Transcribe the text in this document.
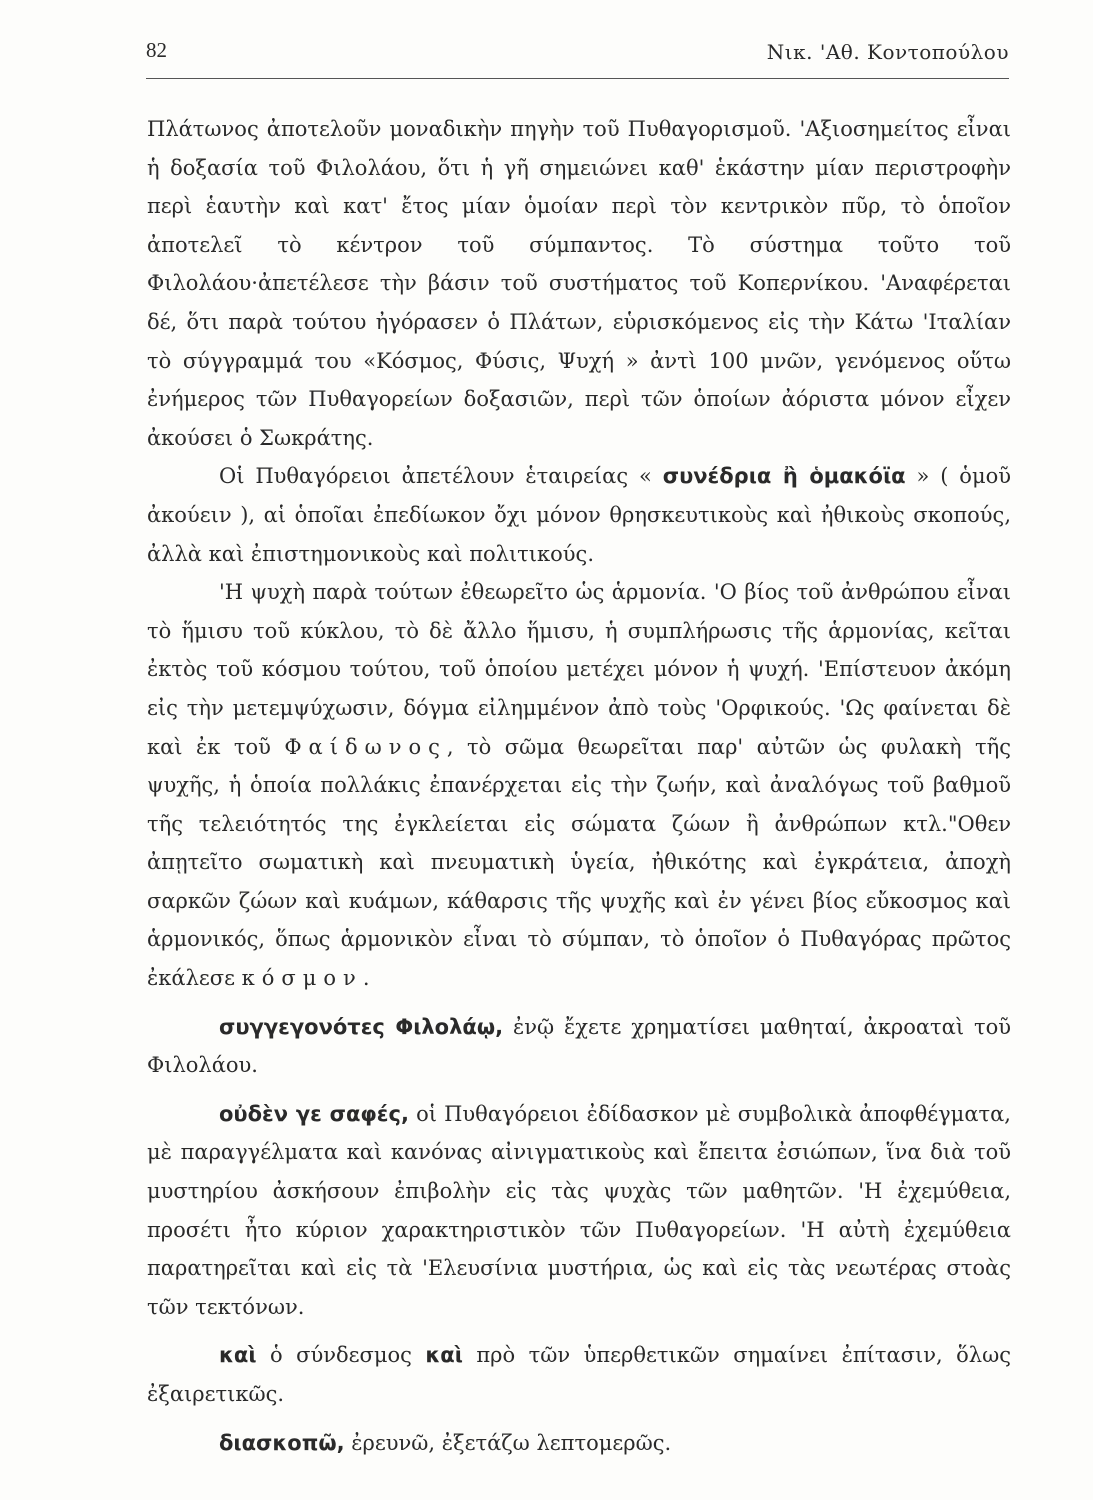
82	Νικ. 'Αθ. Κοντοπούλου

Πλάτωνος ἀποτελοῦν μοναδικὴν πηγὴν τοῦ Πυθαγορισμοῦ. 'Αξιοσημείτος εἶναι ἡ δοξασία τοῦ Φιλολάου, ὅτι ἡ γῆ σημειώνει καθ' ἑκάστην μίαν περιστροφὴν περὶ ἑαυτὴν καὶ κατ' ἔτος μίαν ὁμοίαν περὶ τὸν κεντρικὸν πῦρ, τὸ ὁποῖον ἀποτελεῖ τὸ κέντρον τοῦ σύμπαντος. Τὸ σύστημα τοῦτο τοῦ Φιλολάου·ἀπετέλεσε τὴν βάσιν τοῦ συστήματος τοῦ Κοπερνίκου. 'Αναφέρεται δέ, ὅτι παρὰ τούτου ἠγόρασεν ὁ Πλάτων, εὑρισκόμενος εἰς τὴν Κάτω 'Ιταλίαν τὸ σύγγραμμά του «Κόσμος, Φύσις, Ψυχή » ἀντὶ 100 μνῶν, γενόμενος οὕτω ἐνήμερος τῶν Πυθαγορείων δοξασιῶν, περὶ τῶν ὁποίων ἀόριστα μόνον εἶχεν ἀκούσει ὁ Σωκράτης.

Οἱ Πυθαγόρειοι ἀπετέλουν ἑταιρείας « συνέδρια ἢ ὁμακόϊα » ( ὁμοῦ ἀκούειν ), αἱ ὁποῖαι ἐπεδίωκον ὄχι μόνον θρησκευτικοὺς καὶ ἠθικοὺς σκοπούς, ἀλλὰ καὶ ἐπιστημονικοὺς καὶ πολιτικούς.

'Η ψυχὴ παρὰ τούτων ἐθεωρεῖτο ὡς ἁρμονία. 'Ο βίος τοῦ ἀνθρώπου εἶναι τὸ ἥμισυ τοῦ κύκλου, τὸ δὲ ἄλλο ἥμισυ, ἡ συμπλήρωσις τῆς ἁρμονίας, κεῖται ἐκτὸς τοῦ κόσμου τούτου, τοῦ ὁποίου μετέχει μόνον ἡ ψυχή. 'Επίστευον ἀκόμη εἰς τὴν μετεμψύχωσιν, δόγμα εἰλημμένον ἀπὸ τοὺς 'Ορφικούς. 'Ως φαίνεται δὲ καὶ ἐκ τοῦ Φαίδωνος, τὸ σῶμα θεωρεῖται παρ' αὐτῶν ὡς φυλακὴ τῆς ψυχῆς, ἡ ὁποία πολλάκις ἐπανέρχεται εἰς τὴν ζωήν, καὶ ἀναλόγως τοῦ βαθμοῦ τῆς τελειότητός της ἐγκλείεται εἰς σώματα ζώων ἢ ἀνθρώπων κτλ."Οθεν ἀπῃτεῖτο σωματικὴ καὶ πνευματικὴ ὑγεία, ἠθικότης καὶ ἐγκράτεια, ἀποχὴ σαρκῶν ζώων καὶ κυάμων, κάθαρσις τῆς ψυχῆς καὶ ἐν γένει βίος εὔκοσμος καὶ ἁρμονικός, ὅπως ἁρμονικὸν εἶναι τὸ σύμπαν, τὸ ὁποῖον ὁ Πυθαγόρας πρῶτος ἐκάλεσε κόσμον.

συγγεγονότες Φιλολάῳ, ἐνῷ ἔχετε χρηματίσει μαθηταί, ἀκροαταὶ τοῦ Φιλολάου.

οὐδὲν γε σαφές, οἱ Πυθαγόρειοι ἐδίδασκον μὲ συμβολικὰ ἀποφθέγματα, μὲ παραγγέλματα καὶ κανόνας αἰνιγματικοὺς καὶ ἔπειτα ἐσιώπων, ἵνα διὰ τοῦ μυστηρίου ἀσκήσουν ἐπιβολὴν εἰς τὰς ψυχὰς τῶν μαθητῶν. 'Η ἐχεμύθεια, προσέτι ἦτο κύριον χαρακτηριστικὸν τῶν Πυθαγορείων. 'Η αὐτὴ ἐχεμύθεια παρατηρεῖται καὶ εἰς τὰ 'Ελευσίνια μυστήρια, ὡς καὶ εἰς τὰς νεωτέρας στοὰς τῶν τεκτόνων.

καὶ ὁ σύνδεσμος καὶ πρὸ τῶν ὑπερθετικῶν σημαίνει ἐπίτασιν, ὅλως ἐξαιρετικῶς.

διασκοπῶ, ἐρευνῶ, ἐξετάζω λεπτομερῶς.
